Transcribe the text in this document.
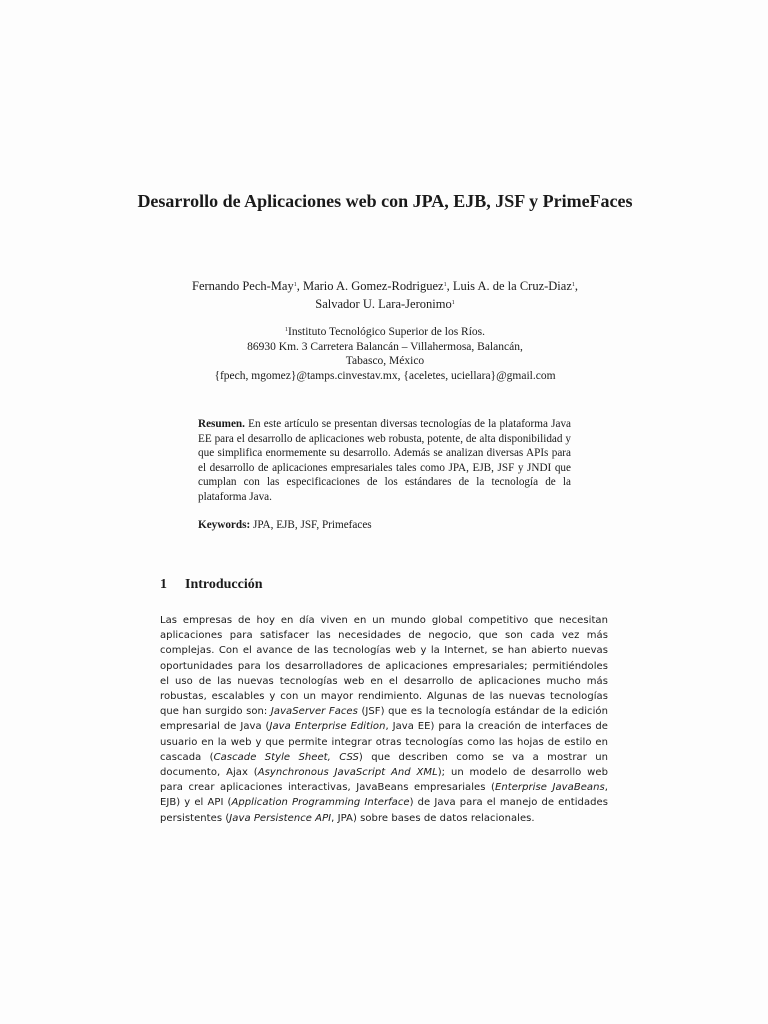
Desarrollo de Aplicaciones web con JPA, EJB, JSF y PrimeFaces
Fernando Pech-May$^1$, Mario A. Gomez-Rodriguez$^1$, Luis A. de la Cruz-Diaz$^1$,
Salvador U. Lara-Jeronimo$^1$
$^1$Instituto Tecnológico Superior de los Ríos.
86930 Km. 3 Carretera Balancán – Villahermosa, Balancán,
Tabasco, México
{fpech, mgomez}@tamps.cinvestav.mx, {aceletes, uciellara}@gmail.com
Resumen. En este artículo se presentan diversas tecnologías de la plataforma Java EE para el desarrollo de aplicaciones web robusta, potente, de alta disponibilidad y que simplifica enormemente su desarrollo. Además se analizan diversas APIs para el desarrollo de aplicaciones empresariales tales como JPA, EJB, JSF y JNDI que cumplan con las especificaciones de los estándares de la tecnología de la plataforma Java.
Keywords: JPA, EJB, JSF, Primefaces
1 Introducción

Las empresas de hoy en día viven en un mundo global competitivo que necesitan aplicaciones para satisfacer las necesidades de negocio, que son cada vez más complejas. Con el avance de las tecnologías web y la Internet, se han abierto nuevas oportunidades para los desarrolladores de aplicaciones empresariales; permitiéndoles el uso de las nuevas tecnologías web en el desarrollo de aplicaciones mucho más robustas, escalables y con un mayor rendimiento. Algunas de las nuevas tecnologías que han surgido son: JavaServer Faces (JSF) que es la tecnología estándar de la edición empresarial de Java (Java Enterprise Edition, Java EE) para la creación de interfaces de usuario en la web y que permite integrar otras tecnologías como las hojas de estilo en cascada (Cascade Style Sheet, CSS) que describen como se va a mostrar un documento, Ajax (Asynchronous JavaScript And XML); un modelo de desarrollo web para crear aplicaciones interactivas, JavaBeans empresariales (Enterprise JavaBeans, EJB) y el API (Application Programming Interface) de Java para el manejo de entidades persistentes (Java Persistence API, JPA) sobre bases de datos relacionales.
